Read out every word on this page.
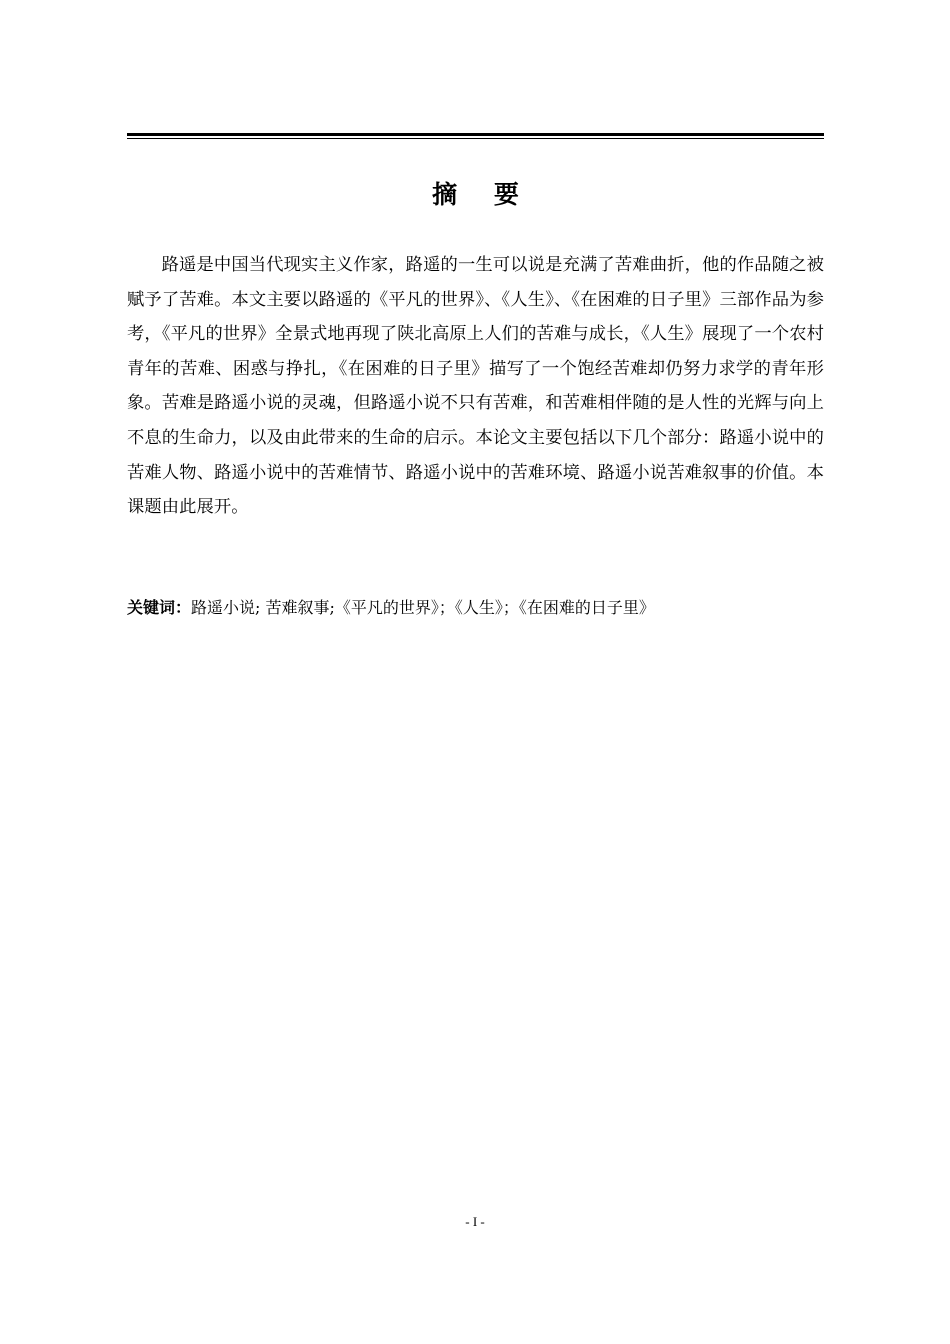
摘 要

路遥是中国当代现实主义作家，路遥的一生可以说是充满了苦难曲折，他的作品随之被赋予了苦难。本文主要以路遥的《平凡的世界》、《人生》、《在困难的日子里》三部作品为参考，《平凡的世界》全景式地再现了陕北高原上人们的苦难与成长，《人生》展现了一个农村青年的苦难、困惑与挣扎，《在困难的日子里》描写了一个饱经苦难却仍努力求学的青年形象。苦难是路遥小说的灵魂，但路遥小说不只有苦难，和苦难相伴随的是人性的光辉与向上不息的生命力，以及由此带来的生命的启示。本论文主要包括以下几个部分：路遥小说中的苦难人物、路遥小说中的苦难情节、路遥小说中的苦难环境、路遥小说苦难叙事的价值。本课题由此展开。

关键词：路遥小说; 苦难叙事;《平凡的世界》；《人生》；《在困难的日子里》

- I -
